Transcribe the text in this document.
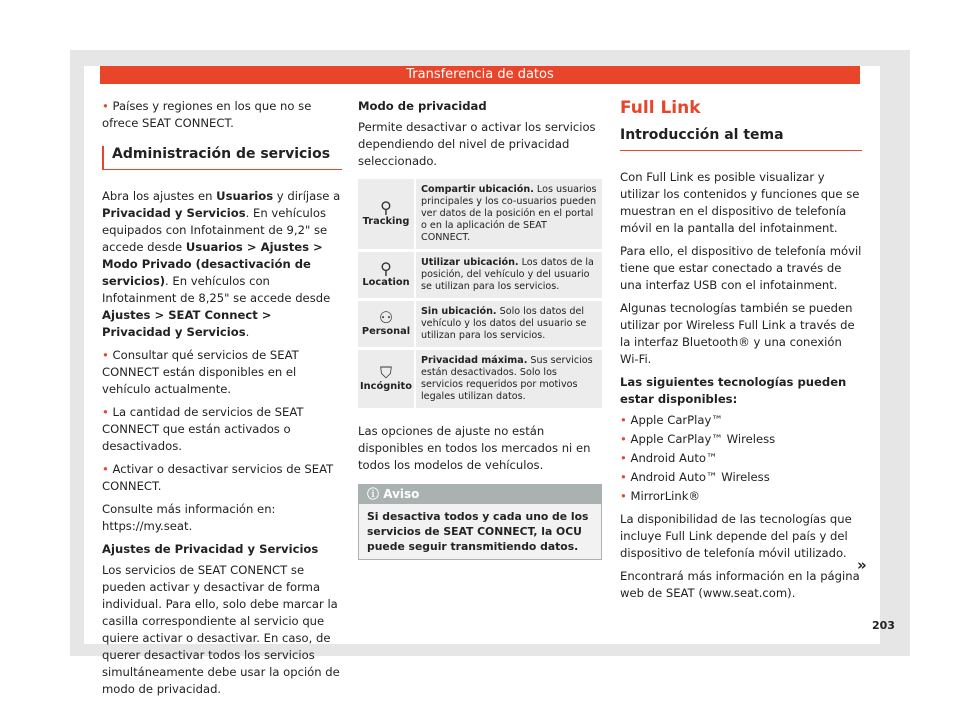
Transferencia de datos

• Países y regiones en los que no se ofrece SEAT CONNECT.

Administración de servicios

Abra los ajustes en Usuarios y diríjase a Privacidad y Servicios. En vehículos equipados con Infotainment de 9,2" se accede desde Usuarios > Ajustes > Modo Privado (desactivación de servicios). En vehículos con Infotainment de 8,25" se accede desde Ajustes > SEAT Connect > Privacidad y Servicios.

• Consultar qué servicios de SEAT CONNECT están disponibles en el vehículo actualmente.

• La cantidad de servicios de SEAT CONNECT que están activados o desactivados.

• Activar o desactivar servicios de SEAT CONNECT.

Consulte más información en: https://my.seat.

Ajustes de Privacidad y Servicios

Los servicios de SEAT CONENCT se pueden activar y desactivar de forma individual. Para ello, solo debe marcar la casilla correspondiente al servicio que quiere activar o desactivar. En caso, de querer desactivar todos los servicios simultáneamente debe usar la opción de modo de privacidad.

Modo de privacidad

Permite desactivar o activar los servicios dependiendo del nivel de privacidad seleccionado.

⚲
Tracking	Compartir ubicación. Los usuarios principales y los co-usuarios pueden ver datos de la posición en el portal o en la aplicación de SEAT CONNECT.

⚲
Location	Utilizar ubicación. Los datos de la posición, del vehículo y del usuario se utilizan para los servicios.

⚇
Personal	Sin ubicación. Solo los datos del vehículo y los datos del usuario se utilizan para los servicios.

⛉
Incógnito	Privacidad máxima. Sus servicios están desactivados. Solo los servicios requeridos por motivos legales utilizan datos.

Las opciones de ajuste no están disponibles en todos los mercados ni en todos los modelos de vehículos.

ⓘ Aviso
Si desactiva todos y cada uno de los servicios de SEAT CONNECT, la OCU puede seguir transmitiendo datos.
Full Link
Introducción al tema

Con Full Link es posible visualizar y utilizar los contenidos y funciones que se muestran en el dispositivo de telefonía móvil en la pantalla del infotainment.

Para ello, el dispositivo de telefonía móvil tiene que estar conectado a través de una interfaz USB con el infotainment.

Algunas tecnologías también se pueden utilizar por Wireless Full Link a través de la interfaz Bluetooth® y una conexión Wi-Fi.

Las siguientes tecnologías pueden estar disponibles:

• Apple CarPlay™

• Apple CarPlay™ Wireless

• Android Auto™

• Android Auto™ Wireless

• MirrorLink®

La disponibilidad de las tecnologías que incluye Full Link depende del país y del dispositivo de telefonía móvil utilizado.

Encontrará más información en la página web de SEAT (www.seat.com).

»
203
